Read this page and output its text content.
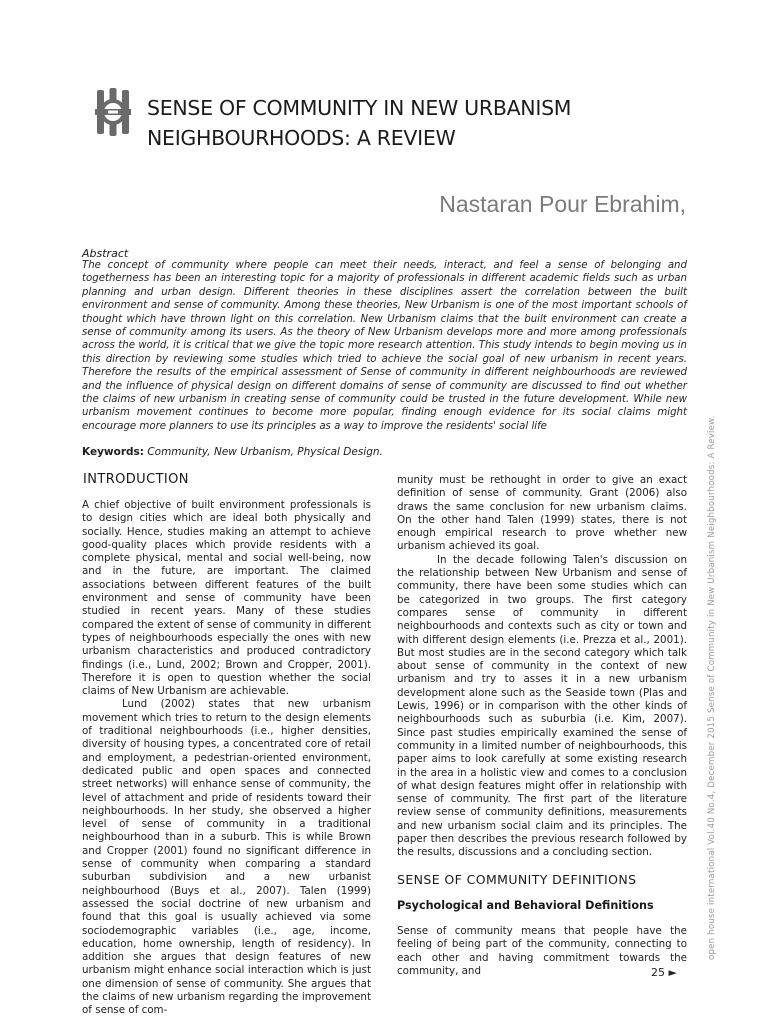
SENSE OF COMMUNITY IN NEW URBANISM
NEIGHBOURHOODS: A REVIEW
Nastaran Pour Ebrahim,
Abstract

The concept of community where people can meet their needs, interact, and feel a sense of belonging and togetherness has been an interesting topic for a majority of professionals in different academic fields such as urban planning and urban design. Different theories in these disciplines assert the correlation between the built environment and sense of community. Among these theories, New Urbanism is one of the most important schools of thought which have thrown light on this correlation. New Urbanism claims that the built environment can create a sense of community among its users. As the theory of New Urbanism develops more and more among professionals across the world, it is critical that we give the topic more research attention. This study intends to begin moving us in this direction by reviewing some studies which tried to achieve the social goal of new urbanism in recent years. Therefore the results of the empirical assessment of Sense of community in different neighbourhoods are reviewed and the influence of physical design on different domains of sense of community are discussed to find out whether the claims of new urbanism in creating sense of community could be trusted in the future development. While new urbanism movement continues to become more popular, finding enough evidence for its social claims might encourage more planners to use its principles as a way to improve the residents' social life

Keywords: Community, New Urbanism, Physical Design.
INTRODUCTION

A chief objective of built environment professionals is to design cities which are ideal both physically and socially. Hence, studies making an attempt to achieve good-quality places which provide residents with a complete physical, mental and social well-being, now and in the future, are important. The claimed associations between different features of the built environment and sense of community have been studied in recent years. Many of these studies compared the extent of sense of community in different types of neighbourhoods especially the ones with new urbanism characteristics and produced contradictory findings (i.e., Lund, 2002; Brown and Cropper, 2001). Therefore it is open to question whether the social claims of New Urbanism are achievable.

Lund (2002) states that new urbanism movement which tries to return to the design elements of traditional neighbourhoods (i.e., higher densities, diversity of housing types, a concentrated core of retail and employment, a pedestrian-oriented environment, dedicated public and open spaces and connected street networks) will enhance sense of community, the level of attachment and pride of residents toward their neighbourhoods. In her study, she observed a higher level of sense of community in a traditional neighbourhood than in a suburb. This is while Brown and Cropper (2001) found no significant difference in sense of community when comparing a standard suburban subdivision and a new urbanist neighbourhood (Buys et al., 2007). Talen (1999) assessed the social doctrine of new urbanism and found that this goal is usually achieved via some sociodemographic variables (i.e., age, income, education, home ownership, length of residency). In addition she argues that design features of new urbanism might enhance social interaction which is just one dimension of sense of community. She argues that the claims of new urbanism regarding the improvement of sense of com-

munity must be rethought in order to give an exact definition of sense of community. Grant (2006) also draws the same conclusion for new urbanism claims. On the other hand Talen (1999) states, there is not enough empirical research to prove whether new urbanism achieved its goal.

In the decade following Talen's discussion on the relationship between New Urbanism and sense of community, there have been some studies which can be categorized in two groups. The first category compares sense of community in different neighbourhoods and contexts such as city or town and with different design elements (i.e. Prezza et al., 2001). But most studies are in the second category which talk about sense of community in the context of new urbanism and try to asses it in a new urbanism development alone such as the Seaside town (Plas and Lewis, 1996) or in comparison with the other kinds of neighbourhoods such as suburbia (i.e. Kim, 2007). Since past studies empirically examined the sense of community in a limited number of neighbourhoods, this paper aims to look carefully at some existing research in the area in a holistic view and comes to a conclusion of what design features might offer in relationship with sense of community. The first part of the literature review sense of community definitions, measurements and new urbanism social claim and its principles. The paper then describes the previous research followed by the results, discussions and a concluding section.

SENSE OF COMMUNITY DEFINITIONS
Psychological and Behavioral Definitions

Sense of community means that people have the feeling of being part of the community, connecting to each other and having commitment towards the community, and	25 ►
open house international Vol.40 No.4, December 2015 Sense of Community in New Urbanism Neighbourhoods: A Review.
